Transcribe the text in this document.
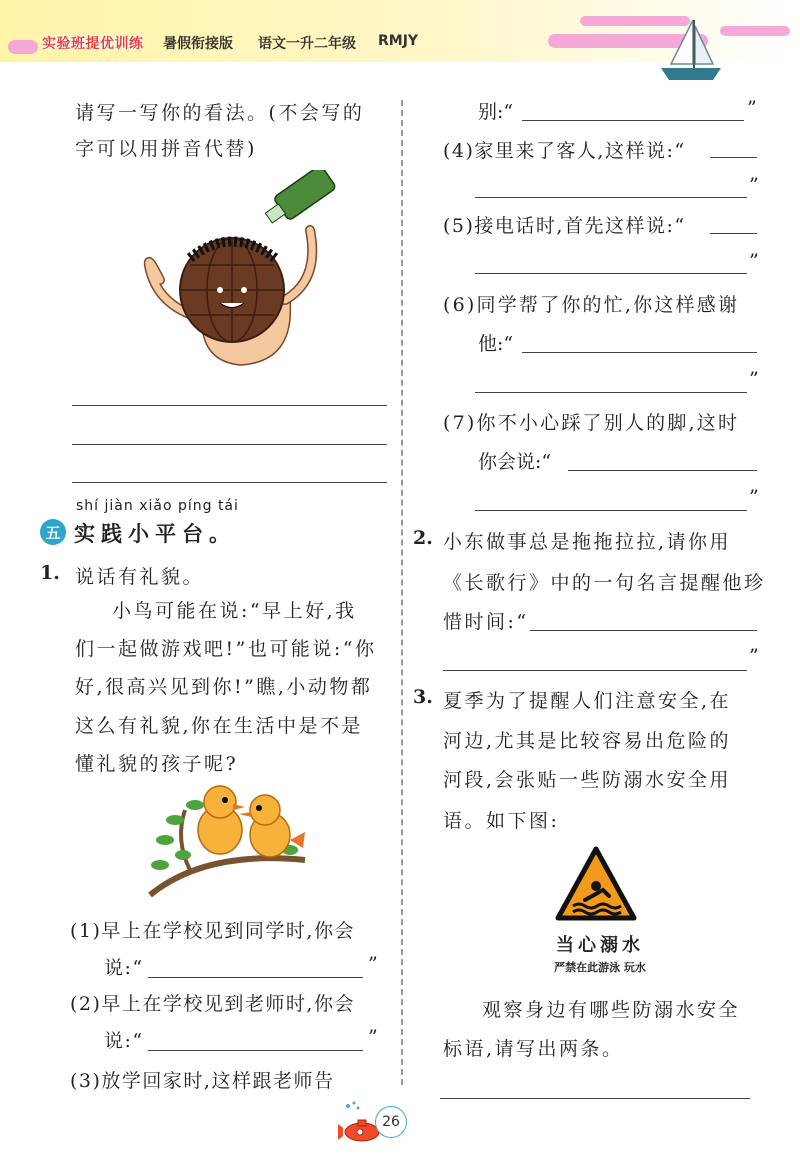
实验班提优训练 暑假衔接版 语文一升二年级 RMJY
请写一写你的看法。(不会写的
字可以用拼音代替)
shí jiàn xiǎo píng tái
五 实践小平台。
1. 说话有礼貌。
小鸟可能在说:“早上好,我
们一起做游戏吧!”也可能说:“你
好,很高兴见到你!”瞧,小动物都
这么有礼貌,你在生活中是不是
懂礼貌的孩子呢?
(1)早上在学校见到同学时,你会
说:“	”
(2)早上在学校见到老师时,你会
说:“	”
(3)放学回家时,这样跟老师告
别:“	”
(4)家里来了客人,这样说:“
”
(5)接电话时,首先这样说:“
”
(6)同学帮了你的忙,你这样感谢
他:“
”
(7)你不小心踩了别人的脚,这时
你会说:“
”
2. 小东做事总是拖拖拉拉,请你用
《长歌行》中的一句名言提醒他珍
惜时间:“
”
3. 夏季为了提醒人们注意安全,在
河边,尤其是比较容易出危险的
河段,会张贴一些防溺水安全用
语。如下图:
当心溺水
严禁在此游泳 玩水
观察身边有哪些防溺水安全
标语,请写出两条。
26
